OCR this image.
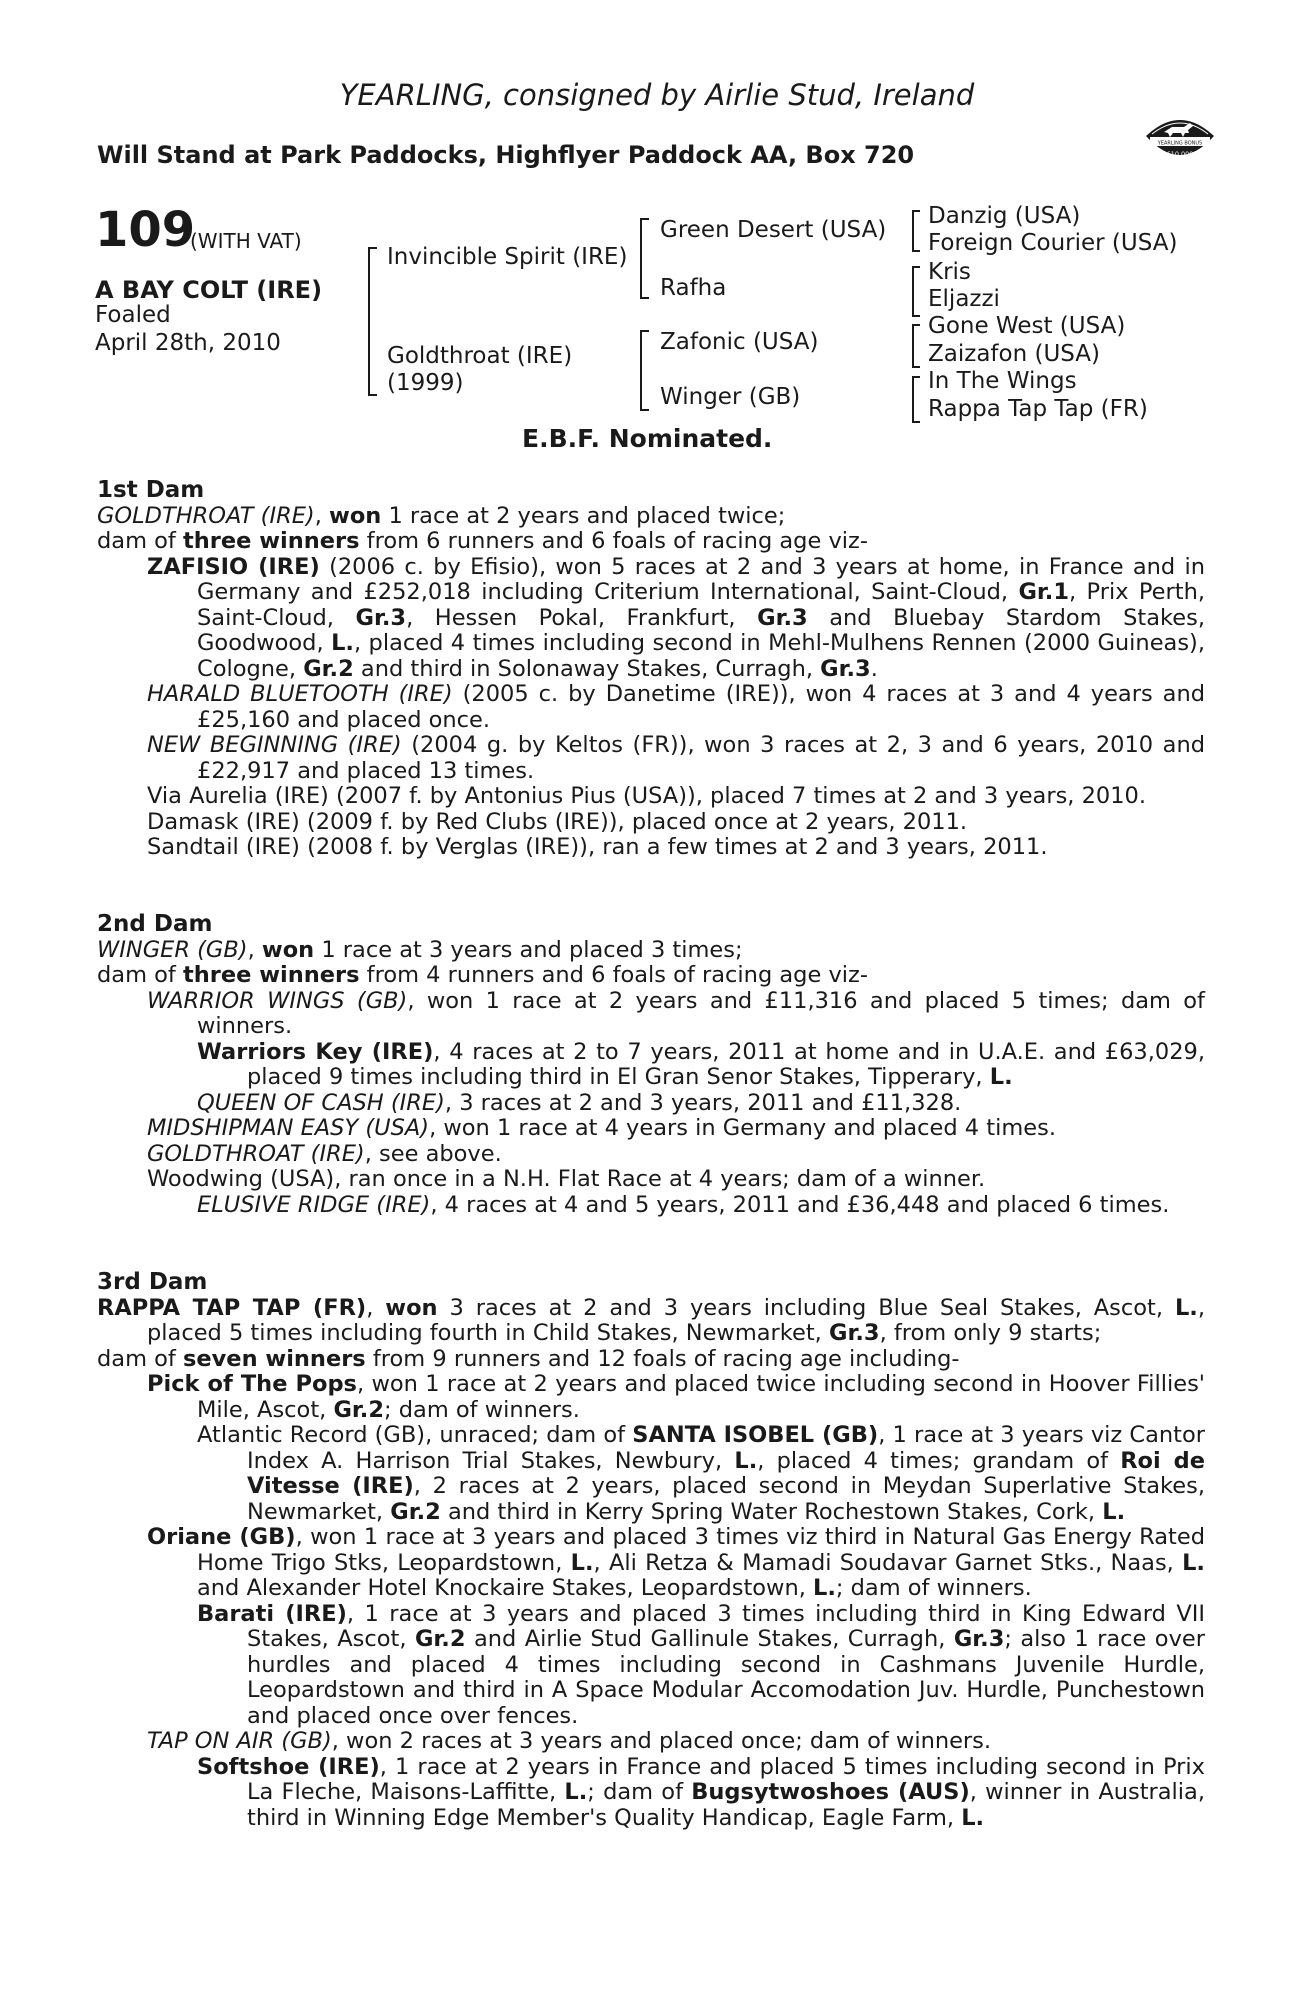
YEARLING, consigned by Airlie Stud, Ireland
Will Stand at Park Paddocks, Highflyer Paddock AA, Box 720
RACING POST
YEARLING BONUS
£10,000
109
(WITH VAT)
A BAY COLT (IRE)
Foaled
April 28th, 2010
Invincible Spirit (IRE)
Goldthroat (IRE)
(1999)
Green Desert (USA)
Rafha
Zafonic (USA)
Winger (GB)
Danzig (USA)
Foreign Courier (USA)
Kris
Eljazzi
Gone West (USA)
Zaizafon (USA)
In The Wings
Rappa Tap Tap (FR)
E.B.F. Nominated.

1st Dam

GOLDTHROAT (IRE), won 1 race at 2 years and placed twice;

dam of three winners from 6 runners and 6 foals of racing age viz-

ZAFISIO (IRE) (2006 c. by Efisio), won 5 races at 2 and 3 years at home, in France and in Germany and £252,018 including Criterium International, Saint-Cloud, Gr.1, Prix Perth, Saint-Cloud, Gr.3, Hessen Pokal, Frankfurt, Gr.3 and Bluebay Stardom Stakes, Goodwood, L., placed 4 times including second in Mehl-Mulhens Rennen (2000 Guineas), Cologne, Gr.2 and third in Solonaway Stakes, Curragh, Gr.3.

HARALD BLUETOOTH (IRE) (2005 c. by Danetime (IRE)), won 4 races at 3 and 4 years and £25,160 and placed once.

NEW BEGINNING (IRE) (2004 g. by Keltos (FR)), won 3 races at 2, 3 and 6 years, 2010 and £22,917 and placed 13 times.

Via Aurelia (IRE) (2007 f. by Antonius Pius (USA)), placed 7 times at 2 and 3 years, 2010.

Damask (IRE) (2009 f. by Red Clubs (IRE)), placed once at 2 years, 2011.

Sandtail (IRE) (2008 f. by Verglas (IRE)), ran a few times at 2 and 3 years, 2011.

2nd Dam

WINGER (GB), won 1 race at 3 years and placed 3 times;

dam of three winners from 4 runners and 6 foals of racing age viz-

WARRIOR WINGS (GB), won 1 race at 2 years and £11,316 and placed 5 times; dam of winners.

Warriors Key (IRE), 4 races at 2 to 7 years, 2011 at home and in U.A.E. and £63,029, placed 9 times including third in El Gran Senor Stakes, Tipperary, L.

QUEEN OF CASH (IRE), 3 races at 2 and 3 years, 2011 and £11,328.

MIDSHIPMAN EASY (USA), won 1 race at 4 years in Germany and placed 4 times.

GOLDTHROAT (IRE), see above.

Woodwing (USA), ran once in a N.H. Flat Race at 4 years; dam of a winner.

ELUSIVE RIDGE (IRE), 4 races at 4 and 5 years, 2011 and £36,448 and placed 6 times.

3rd Dam

RAPPA TAP TAP (FR), won 3 races at 2 and 3 years including Blue Seal Stakes, Ascot, L., placed 5 times including fourth in Child Stakes, Newmarket, Gr.3, from only 9 starts;

dam of seven winners from 9 runners and 12 foals of racing age including-

Pick of The Pops, won 1 race at 2 years and placed twice including second in Hoover Fillies' Mile, Ascot, Gr.2; dam of winners.

Atlantic Record (GB), unraced; dam of SANTA ISOBEL (GB), 1 race at 3 years viz Cantor Index A. Harrison Trial Stakes, Newbury, L., placed 4 times; grandam of Roi de Vitesse (IRE), 2 races at 2 years, placed second in Meydan Superlative Stakes, Newmarket, Gr.2 and third in Kerry Spring Water Rochestown Stakes, Cork, L.

Oriane (GB), won 1 race at 3 years and placed 3 times viz third in Natural Gas Energy Rated Home Trigo Stks, Leopardstown, L., Ali Retza & Mamadi Soudavar Garnet Stks., Naas, L. and Alexander Hotel Knockaire Stakes, Leopardstown, L.; dam of winners.

Barati (IRE), 1 race at 3 years and placed 3 times including third in King Edward VII Stakes, Ascot, Gr.2 and Airlie Stud Gallinule Stakes, Curragh, Gr.3; also 1 race over hurdles and placed 4 times including second in Cashmans Juvenile Hurdle, Leopardstown and third in A Space Modular Accomodation Juv. Hurdle, Punchestown and placed once over fences.

TAP ON AIR (GB), won 2 races at 3 years and placed once; dam of winners.

Softshoe (IRE), 1 race at 2 years in France and placed 5 times including second in Prix La Fleche, Maisons-Laffitte, L.; dam of Bugsytwoshoes (AUS), winner in Australia, third in Winning Edge Member's Quality Handicap, Eagle Farm, L.
